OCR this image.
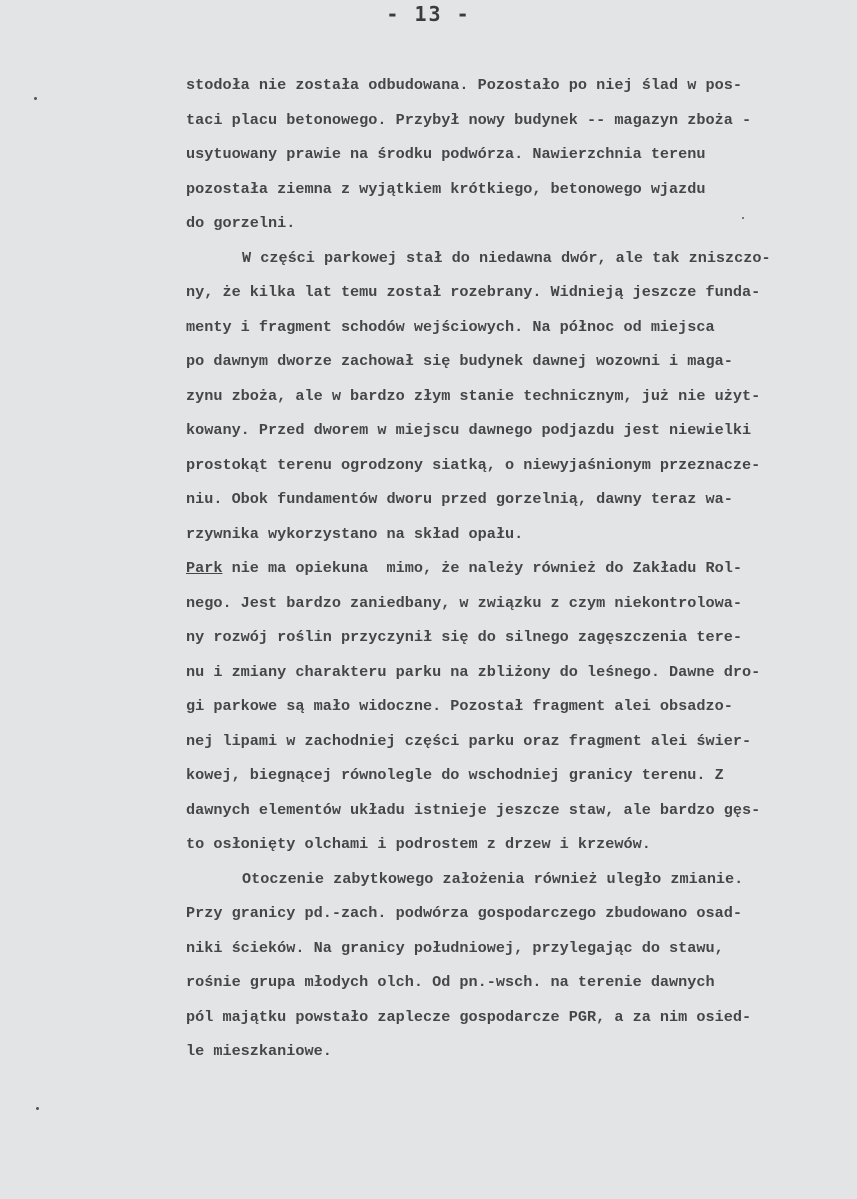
- 13 -
stodoła nie została odbudowana. Pozostało po niej ślad w pos-
taci placu betonowego. Przybył nowy budynek -- magazyn zboża -
usytuowany prawie na środku podwórza. Nawierzchnia terenu
pozostała ziemna z wyjątkiem krótkiego, betonowego wjazdu
do gorzelni.
W części parkowej stał do niedawna dwór, ale tak zniszczo-
ny, że kilka lat temu został rozebrany. Widnieją jeszcze funda-
menty i fragment schodów wejściowych. Na północ od miejsca
po dawnym dworze zachował się budynek dawnej wozowni i maga-
zynu zboża, ale w bardzo złym stanie technicznym, już nie użyt-
kowany. Przed dworem w miejscu dawnego podjazdu jest niewielki
prostokąt terenu ogrodzony siatką, o niewyjaśnionym przeznacze-
niu. Obok fundamentów dworu przed gorzelnią, dawny teraz wa-
rzywnika wykorzystano na skład opału.
Park nie ma opiekuna  mimo, że należy również do Zakładu Rol-
nego. Jest bardzo zaniedbany, w związku z czym niekontrolowa-
ny rozwój roślin przyczynił się do silnego zagęszczenia tere-
nu i zmiany charakteru parku na zbliżony do leśnego. Dawne dro-
gi parkowe są mało widoczne. Pozostał fragment alei obsadzo-
nej lipami w zachodniej części parku oraz fragment alei świer-
kowej, biegnącej równolegle do wschodniej granicy terenu. Z
dawnych elementów układu istnieje jeszcze staw, ale bardzo gęs-
to osłonięty olchami i podrostem z drzew i krzewów.
Otoczenie zabytkowego założenia również uległo zmianie.
Przy granicy pd.-zach. podwórza gospodarczego zbudowano osad-
niki ścieków. Na granicy południowej, przylegając do stawu,
rośnie grupa młodych olch. Od pn.-wsch. na terenie dawnych
pól majątku powstało zaplecze gospodarcze PGR, a za nim osied-
le mieszkaniowe.
